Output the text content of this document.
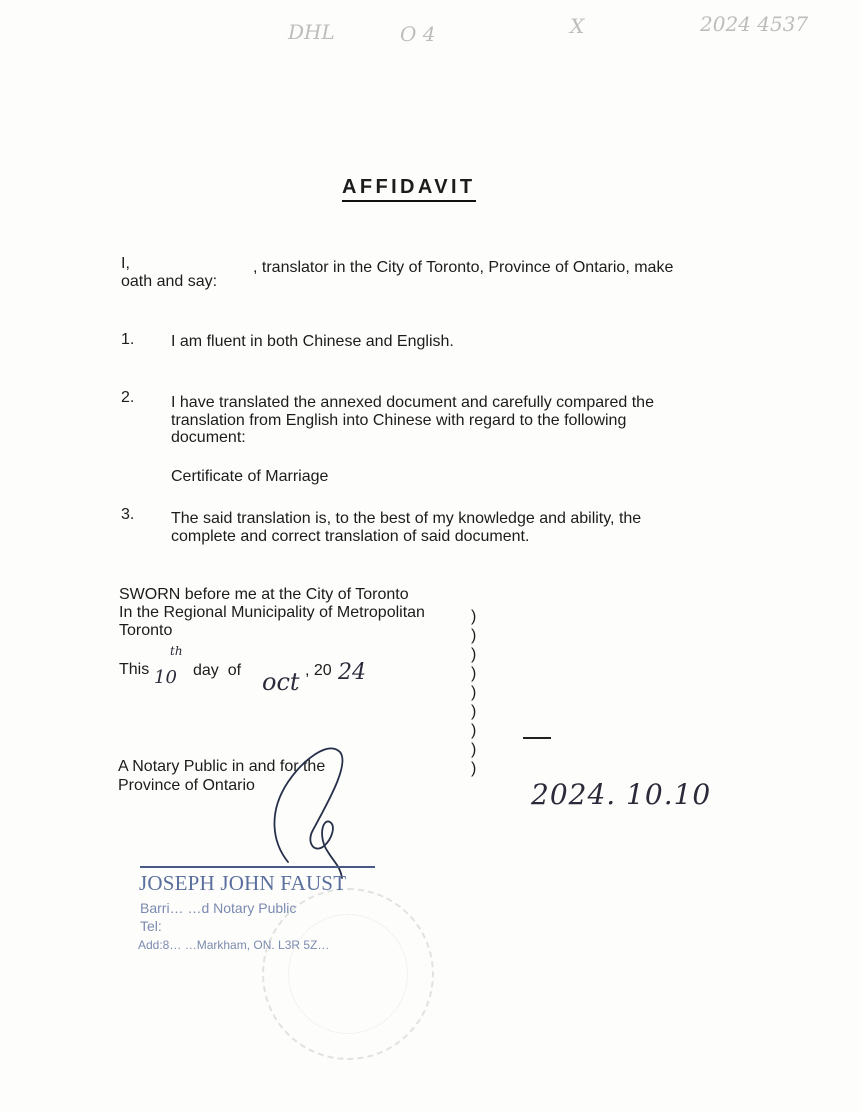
DHL	O 4	X	2024 4537
AFFIDAVIT
I,	, translator in the City of Toronto, Province of Ontario, make
oath and say:
1. I am fluent in both Chinese and English.
2. I have translated the annexed document and carefully compared the
translation from English into Chinese with regard to the following
document:
Certificate of Marriage
3. The said translation is, to the best of my knowledge and ability, the
complete and correct translation of said document.
SWORN before me at the City of Toronto
In the Regional Municipality of Metropolitan
Toronto
)
)
)
)
)
)
)
)
)
This 10
th
day  of oct , 20 24
A Notary Public in and for the
Province of Ontario	2024. 10.10
JOSEPH JOHN FAUST
Barri… …d Notary Public
Tel:
Add:8… …Markham, ON. L3R 5Z…
